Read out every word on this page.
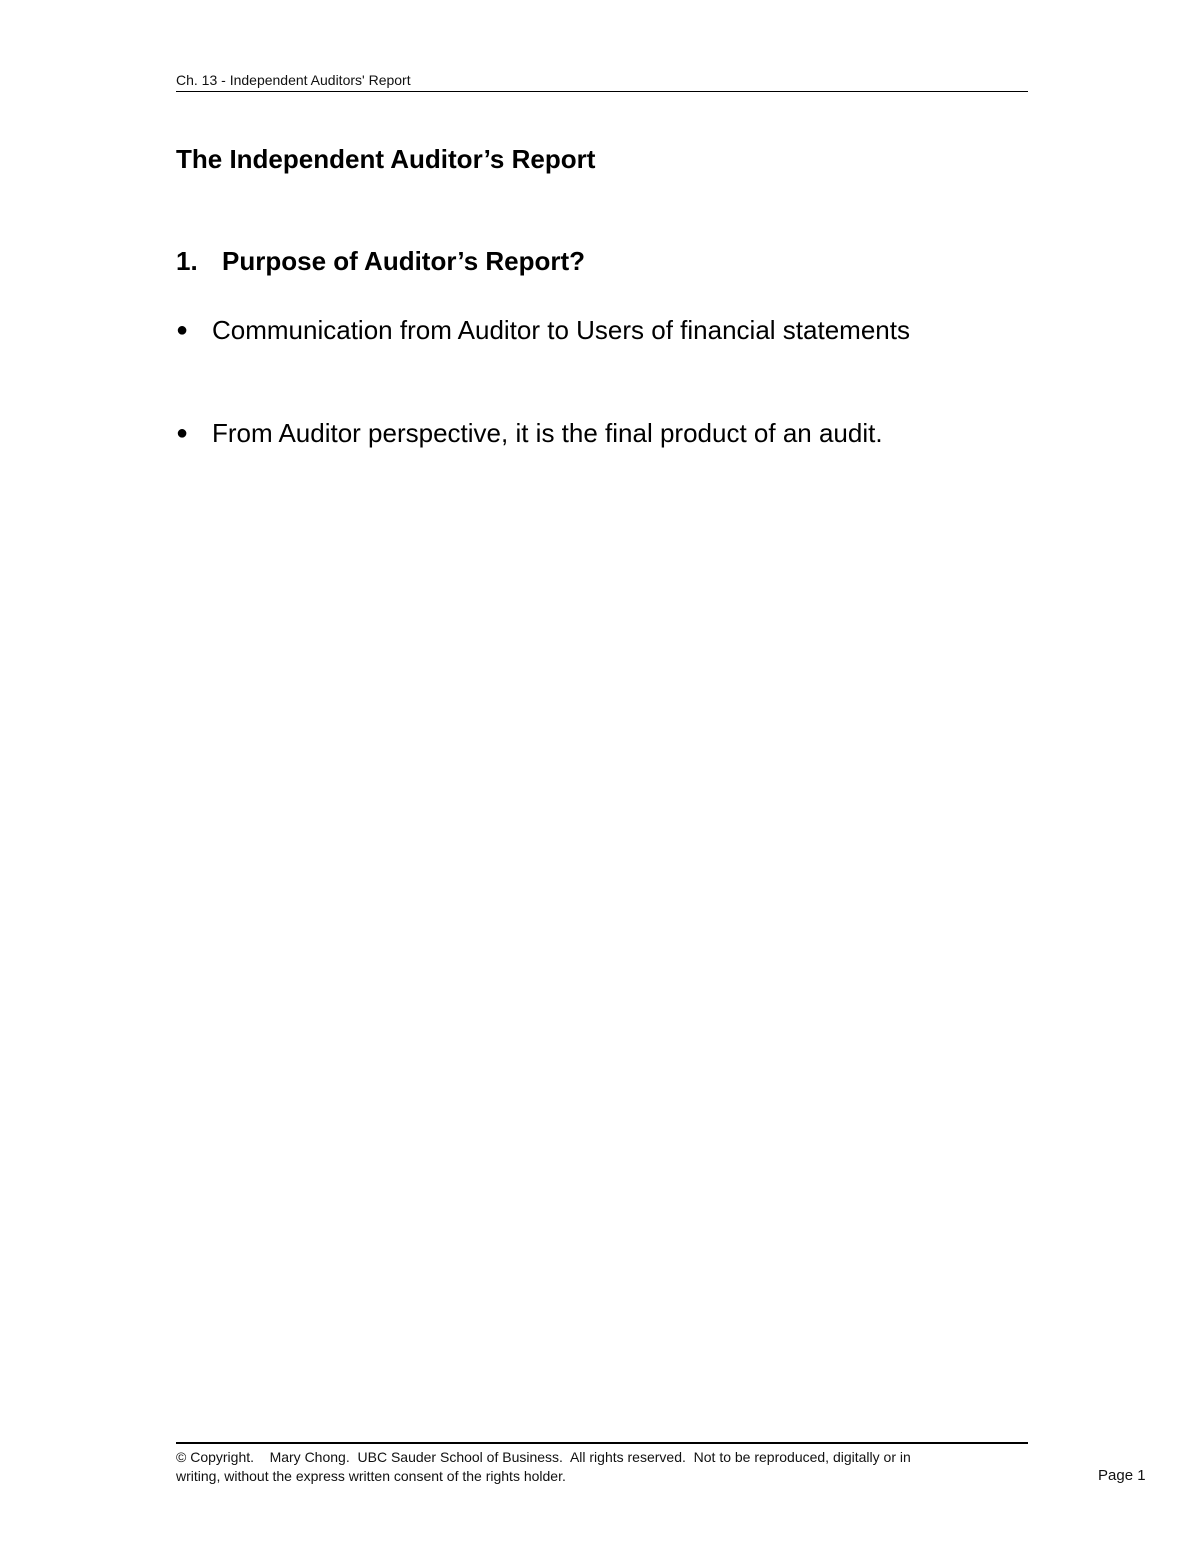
Ch. 13 - Independent Auditors' Report
The Independent Auditor’s Report
1. Purpose of Auditor’s Report?
● Communication from Auditor to Users of financial statements
● From Auditor perspective, it is the final product of an audit.
© Copyright.    Mary Chong.  UBC Sauder School of Business.  All rights reserved.  Not to be reproduced, digitally or in
writing, without the express written consent of the rights holder.	Page 1
